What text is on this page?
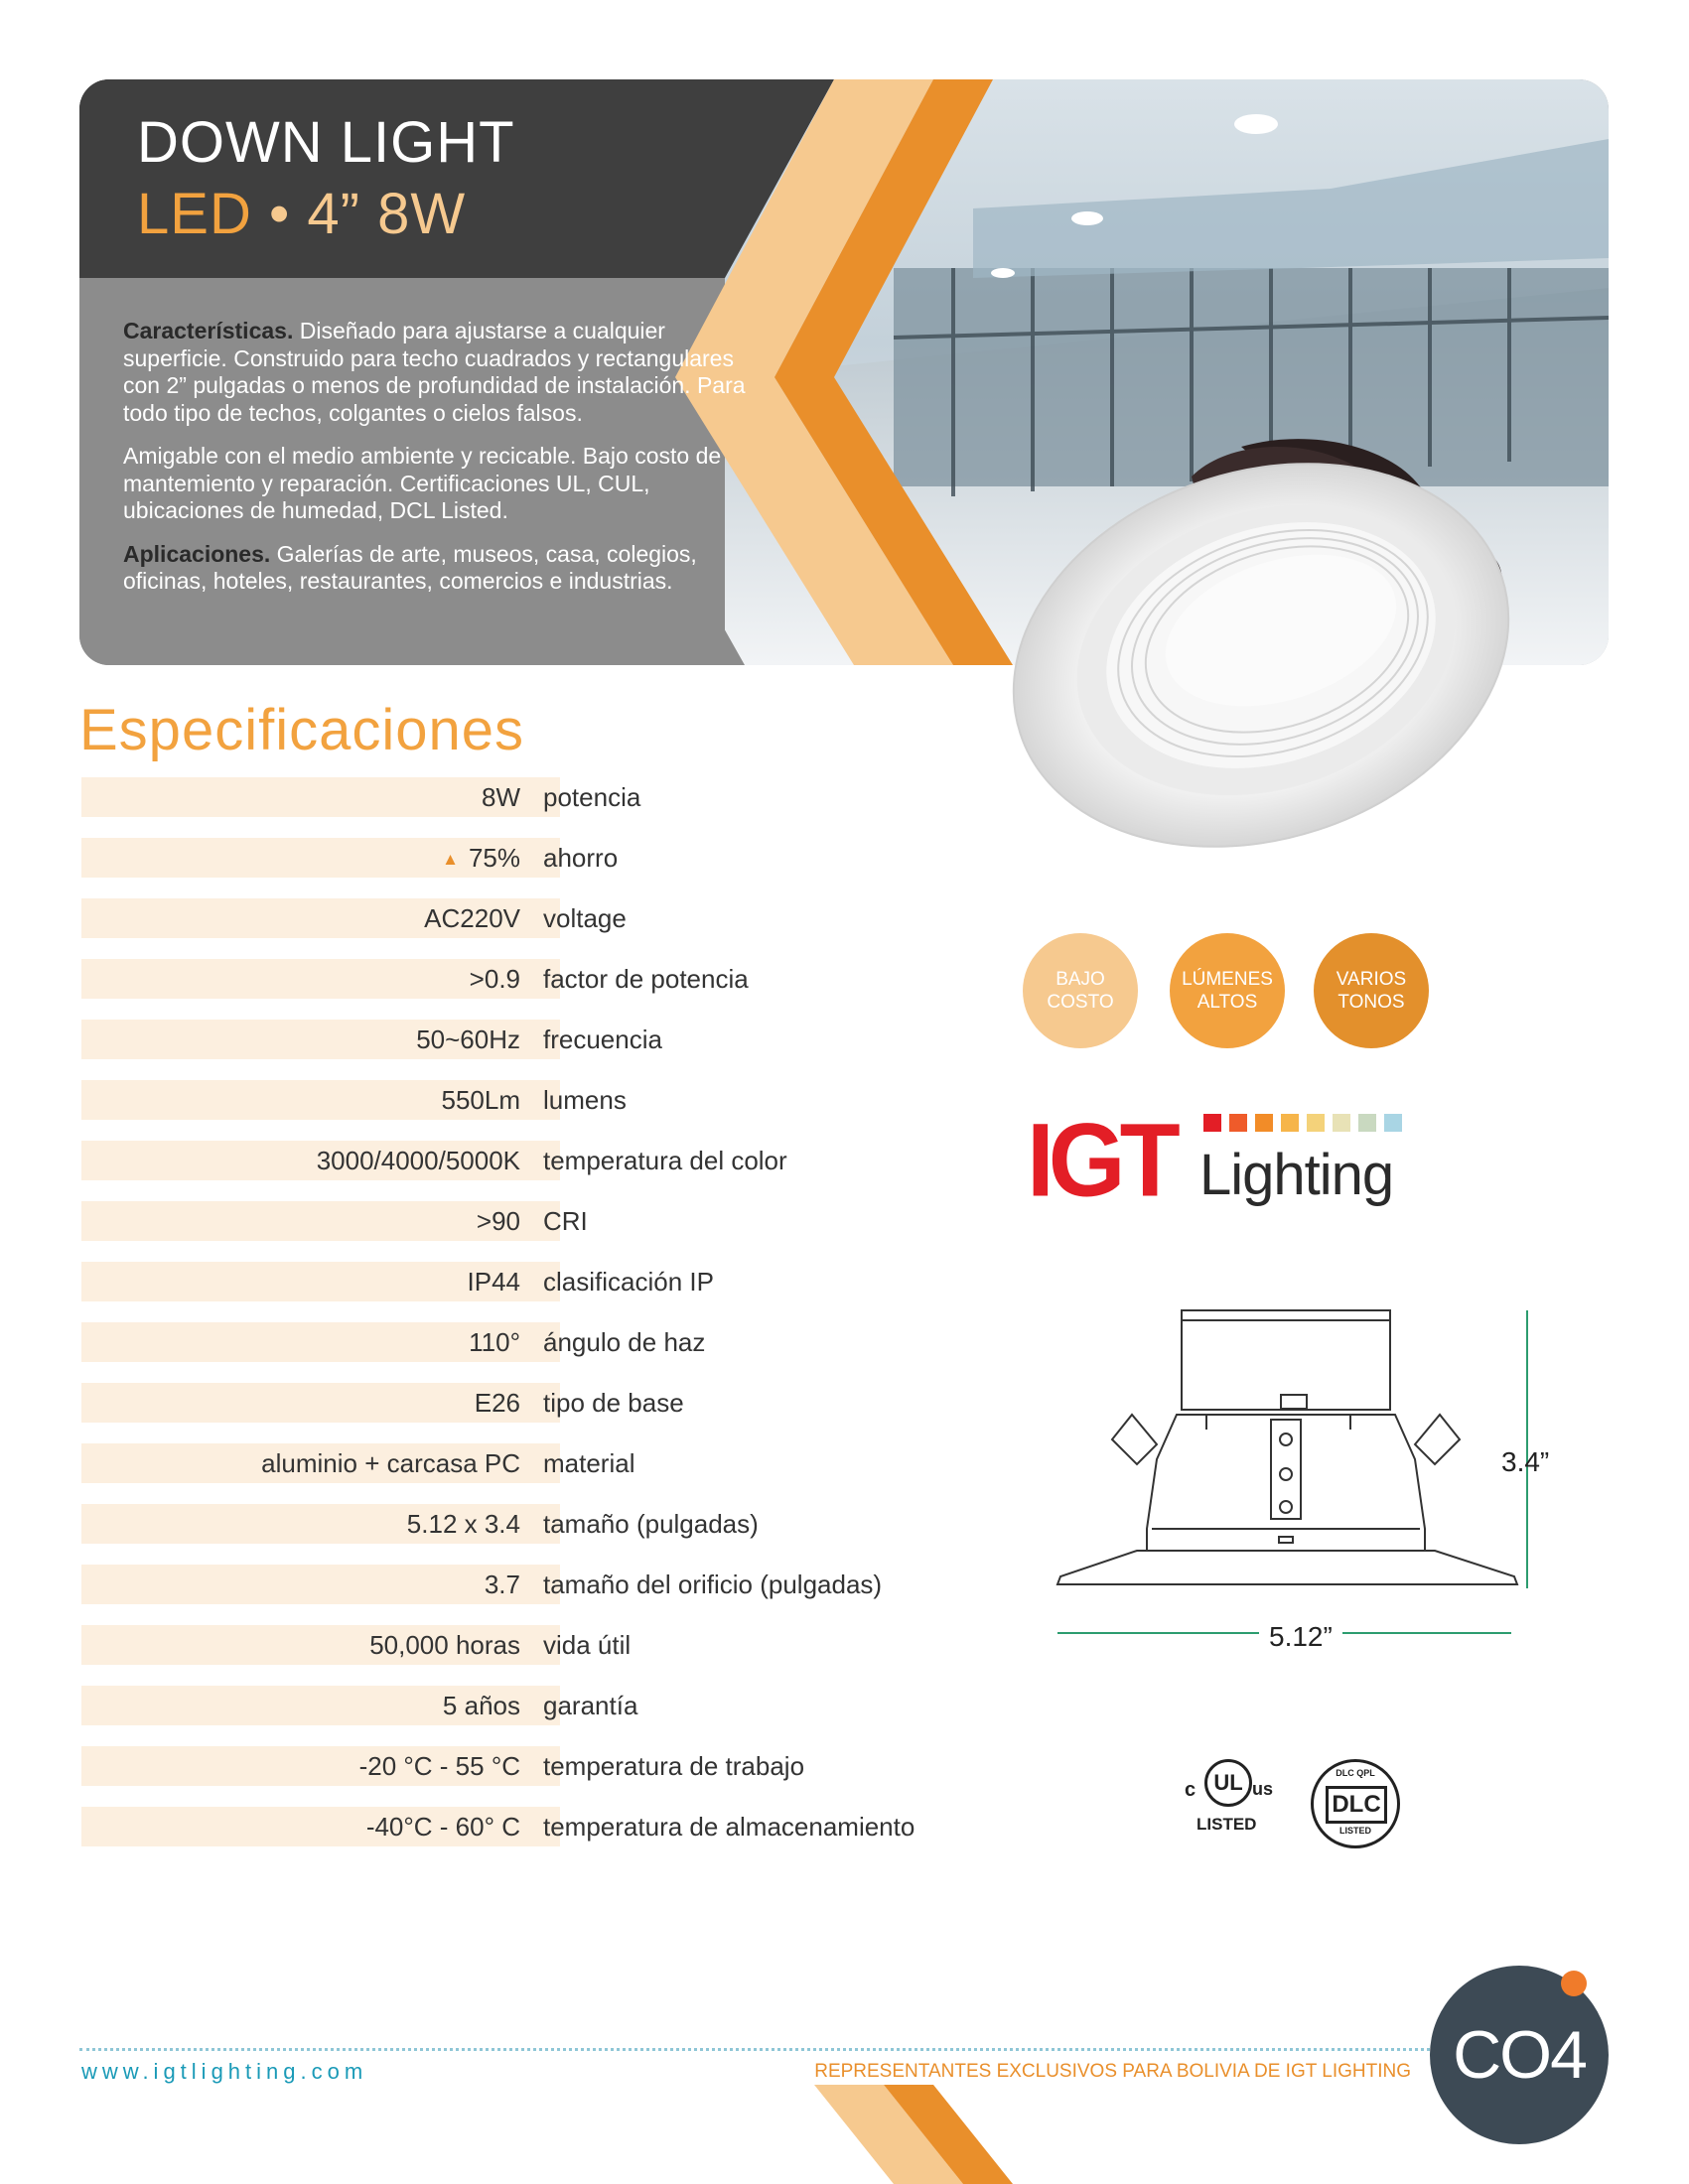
DOWN LIGHT
LED • 4” 8W

Características. Diseñado para ajustarse a cualquier superficie. Construido para techo cuadrados y rectangulares con 2” pulgadas o menos de profundidad de instalación. Para todo tipo de techos, colgantes o cielos falsos.

Amigable con el medio ambiente y recicable. Bajo costo de mantemiento y reparación. Certificaciones UL, CUL, ubicaciones de humedad, DCL Listed.

Aplicaciones. Galerías de arte, museos, casa, colegios, oficinas, hoteles, restaurantes, comercios e industrias.

Especificaciones
8W potencia
▲ 75% ahorro
AC220V voltage
>0.9 factor de potencia
50~60Hz frecuencia
550Lm lumens
3000/4000/5000K temperatura del color
>90 CRI
IP44 clasificación IP
110° ángulo de haz
E26 tipo de base
aluminio + carcasa PC material
5.12 x 3.4 tamaño (pulgadas)
3.7 tamaño del orificio (pulgadas)
50,000 horas vida útil
5 años garantía
-20 °C - 55 °C temperatura de trabajo
-40°C - 60° C temperatura de almacenamiento
BAJO
COSTO
LÚMENES
ALTOS
VARIOS
TONOS
IGT Lighting
3.4”
5.12”
UL
c	us
LISTED
DLC QPL
DLC
LISTED
www.igtlighting.com	REPRESENTANTES EXCLUSIVOS PARA BOLIVIA DE IGT LIGHTING CO4
